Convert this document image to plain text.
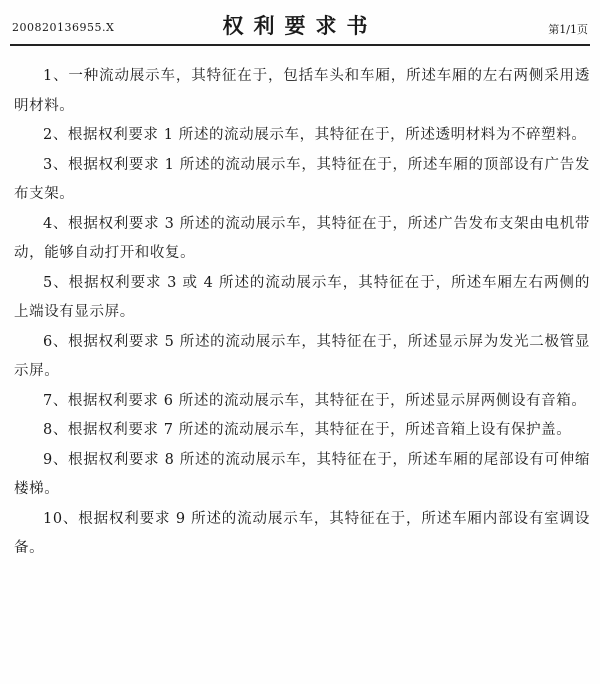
200820136955.X	权利要求书	第1/1页
1、一种流动展示车，其特征在于，包括车头和车厢，所述车厢的左右两侧采用透明材料。
2、根据权利要求 1 所述的流动展示车，其特征在于，所述透明材料为不碎塑料。
3、根据权利要求 1 所述的流动展示车，其特征在于，所述车厢的顶部设有广告发布支架。
4、根据权利要求 3 所述的流动展示车，其特征在于，所述广告发布支架由电机带动，能够自动打开和收复。
5、根据权利要求 3 或 4 所述的流动展示车，其特征在于，所述车厢左右两侧的上端设有显示屏。
6、根据权利要求 5 所述的流动展示车，其特征在于，所述显示屏为发光二极管显示屏。
7、根据权利要求 6 所述的流动展示车，其特征在于，所述显示屏两侧设有音箱。
8、根据权利要求 7 所述的流动展示车，其特征在于，所述音箱上设有保护盖。
9、根据权利要求 8 所述的流动展示车，其特征在于，所述车厢的尾部设有可伸缩楼梯。
10、根据权利要求 9 所述的流动展示车，其特征在于，所述车厢内部设有室调设备。
